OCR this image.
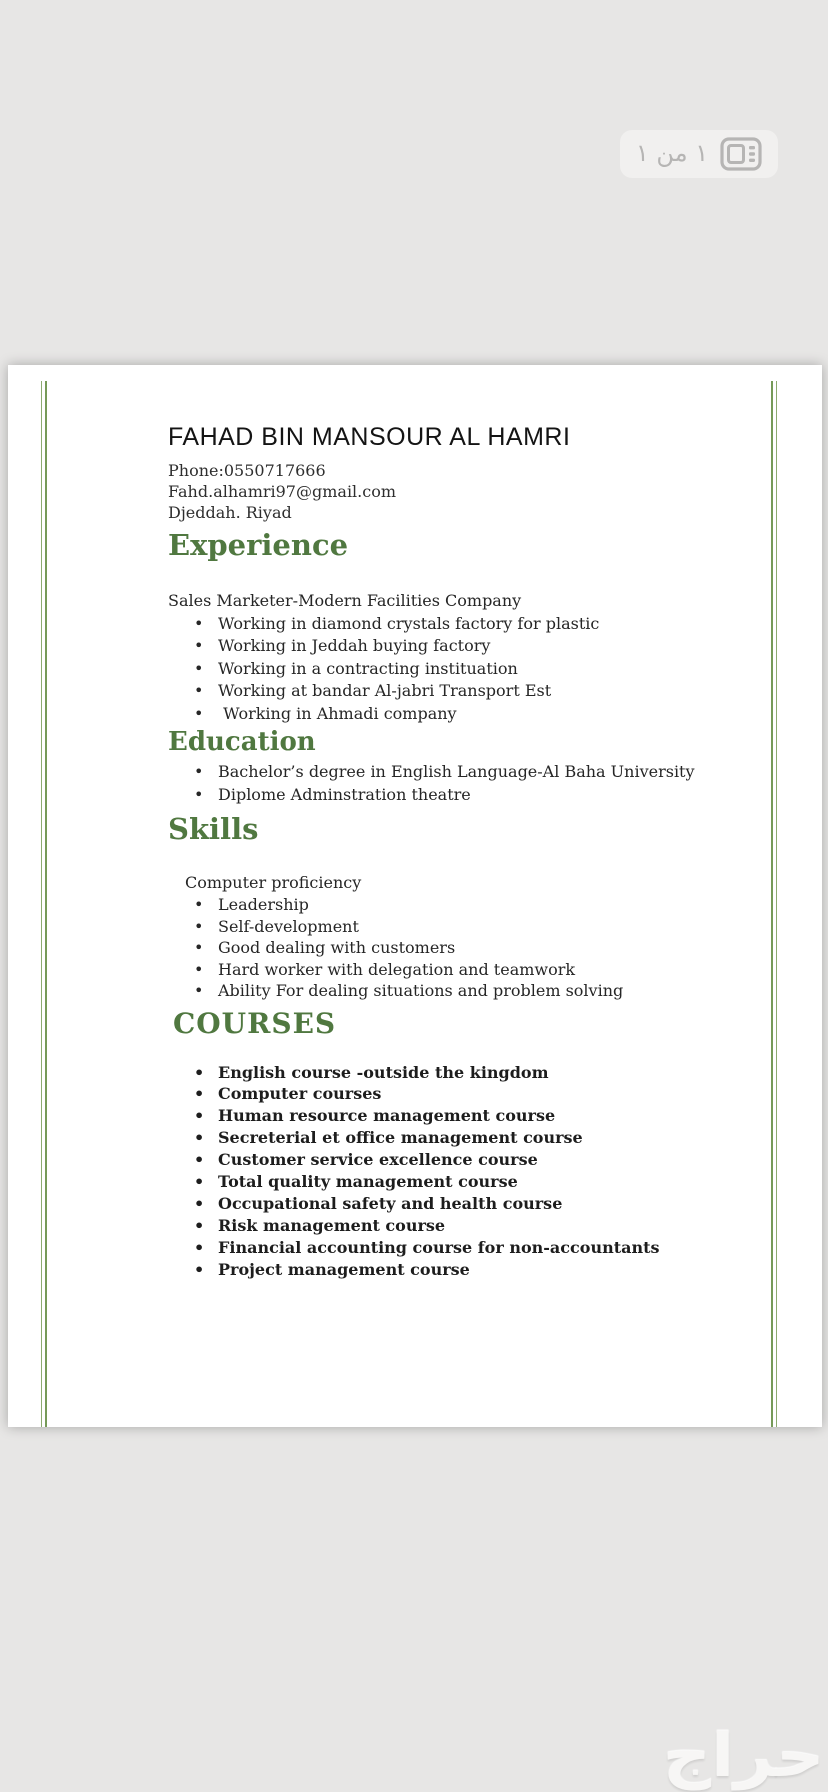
١ من ١
FAHAD BIN MANSOUR AL HAMRI
Phone:0550717666
Fahd.alhamri97@gmail.com
Djeddah. Riyad
Experience

Sales Marketer-Modern Facilities Company

• Working in diamond crystals factory for plastic
• Working in Jeddah buying factory
• Working in a contracting instituation
• Working at bandar Al-jabri Transport Est
•  Working in Ahmadi company
Education
• Bachelor’s degree in English Language-Al Baha University
• Diplome Adminstration theatre
Skills

Computer proficiency

• Leadership
• Self-development
• Good dealing with customers
• Hard worker with delegation and teamwork
• Ability For dealing situations and problem solving
COURSES
• English course -outside the kingdom
• Computer courses
• Human resource management course
• Secreterial et office management course
• Customer service excellence course
• Total quality management course
• Occupational safety and health course
• Risk management course
• Financial accounting course for non-accountants
• Project management course
حراج
